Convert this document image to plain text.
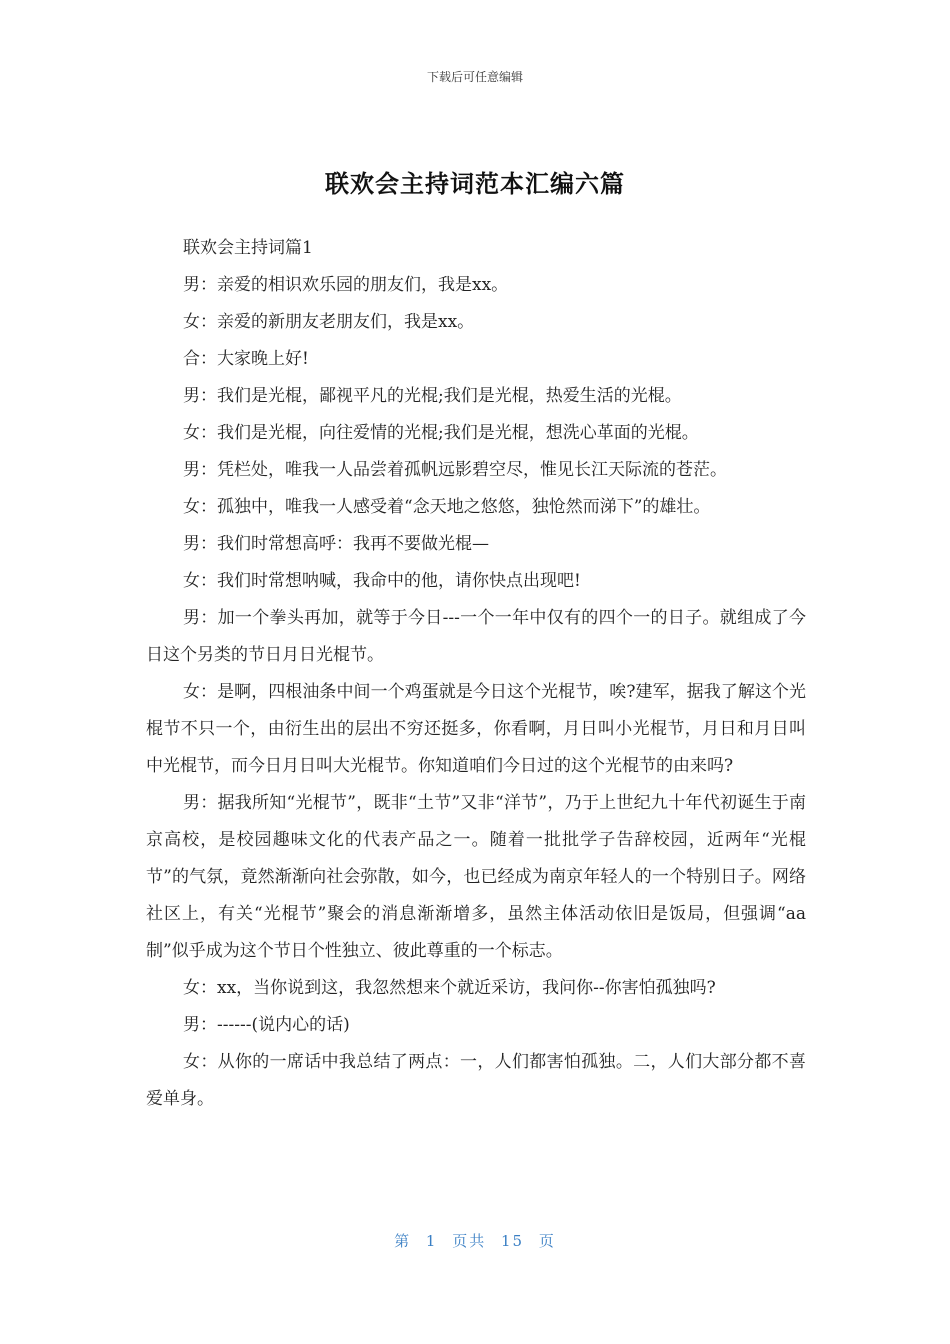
下载后可任意编辑
联欢会主持词范本汇编六篇

联欢会主持词篇1

男：亲爱的相识欢乐园的朋友们，我是xx。

女：亲爱的新朋友老朋友们，我是xx。

合：大家晚上好!

男：我们是光棍，鄙视平凡的光棍;我们是光棍，热爱生活的光棍。

女：我们是光棍，向往爱情的光棍;我们是光棍，想洗心革面的光棍。

男：凭栏处，唯我一人品尝着孤帆远影碧空尽，惟见长江天际流的苍茫。

女：孤独中，唯我一人感受着“念天地之悠悠，独怆然而涕下”的雄壮。

男：我们时常想高呼：我再不要做光棍—

女：我们时常想呐喊，我命中的他，请你快点出现吧!

男：加一个拳头再加，就等于今日---一个一年中仅有的四个一的日子。就组成了今日这个另类的节日月日光棍节。

女：是啊，四根油条中间一个鸡蛋就是今日这个光棍节，唉?建军，据我了解这个光棍节不只一个，由衍生出的层出不穷还挺多，你看啊，月日叫小光棍节，月日和月日叫中光棍节，而今日月日叫大光棍节。你知道咱们今日过的这个光棍节的由来吗?

男：据我所知“光棍节”，既非“土节”又非“洋节”，乃于上世纪九十年代初诞生于南京高校，是校园趣味文化的代表产品之一。随着一批批学子告辞校园，近两年“光棍节”的气氛，竟然渐渐向社会弥散，如今，也已经成为南京年轻人的一个特别日子。网络社区上，有关“光棍节”聚会的消息渐渐增多，虽然主体活动依旧是饭局，但强调“aa制”似乎成为这个节日个性独立、彼此尊重的一个标志。

女：xx，当你说到这，我忽然想来个就近采访，我问你--你害怕孤独吗?

男：------(说内心的话)

女：从你的一席话中我总结了两点：一，人们都害怕孤独。二，人们大部分都不喜爱单身。

第 1 页共 15 页
